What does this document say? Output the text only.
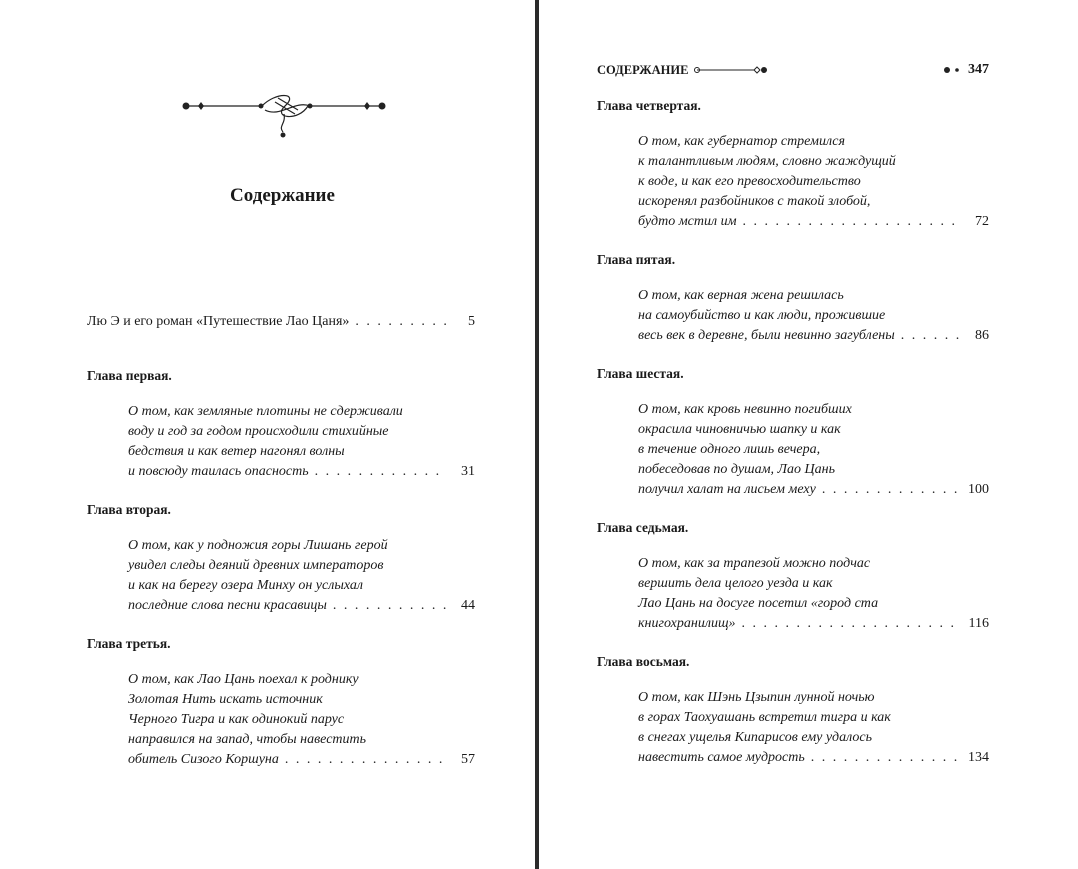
Содержание
Лю Э и его роман «Путешествие Лао Цаня» . . .	5
Глава первая.
О том, как земляные плотины не сдерживали
воду и год за годом происходили стихийные
бедствия и как ветер нагонял волны
и повсюду таилась опасность . . .	31
Глава вторая.
О том, как у подножия горы Лишань герой
увидел следы деяний древних императоров
и как на берегу озера Минху он услыхал
последние слова песни красавицы . . .	44
Глава третья.
О том, как Лао Цань поехал к роднику
Золотая Нить искать источник
Черного Тигра и как одинокий парус
направился на запад, чтобы навестить
обитель Сизого Коршуна . . .	57
СОДЕРЖАНИЕ	347
Глава четвертая.
О том, как губернатор стремился
к талантливым людям, словно жаждущий
к воде, и как его превосходительство
искоренял разбойников с такой злобой,
будто мстил им . . .	72
Глава пятая.
О том, как верная жена решилась
на самоубийство и как люди, прожившие
весь век в деревне, были невинно загублены . . .	86
Глава шестая.
О том, как кровь невинно погибших
окрасила чиновничью шапку и как
в течение одного лишь вечера,
побеседовав по душам, Лао Цань
получил халат на лисьем меху . . .	100
Глава седьмая.
О том, как за трапезой можно подчас
вершить дела целого уезда и как
Лао Цань на досуге посетил «город ста
книгохранилищ» . . .	116
Глава восьмая.
О том, как Шэнь Цзыпин лунной ночью
в горах Таохуашань встретил тигра и как
в снегах ущелья Кипарисов ему удалось
навестить самое мудрость . . .	134
